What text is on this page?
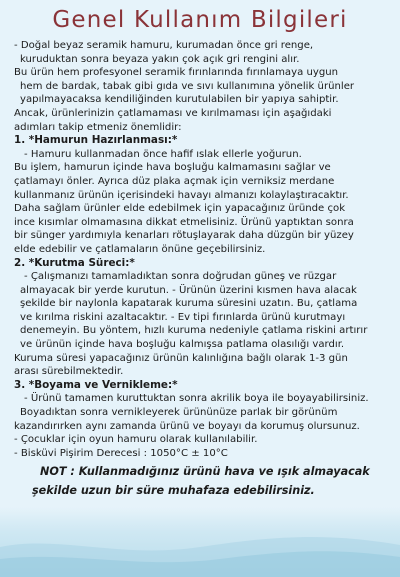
Genel Kullanım Bilgileri
- Doğal beyaz seramik hamuru, kurumadan önce gri renge,
kuruduktan sonra beyaza yakın çok açık gri rengini alır.
Bu ürün hem profesyonel seramik fırınlarında fırınlamaya uygun
hem de bardak, tabak gibi gıda ve sıvı kullanımına yönelik ürünler
yapılmayacaksa kendiliğinden kurutulabilen bir yapıya sahiptir.
Ancak, ürünlerinizin çatlamaması ve kırılmaması için aşağıdaki
adımları takip etmeniz önemlidir:
1. *Hamurun Hazırlanması:*
- Hamuru kullanmadan önce hafif ıslak ellerle yoğurun.
Bu işlem, hamurun içinde hava boşluğu kalmamasını sağlar ve
çatlamayı önler. Ayrıca düz plaka açmak için verniksiz merdane
kullanmanız ürünün içerisindeki havayı almanızı kolaylaştıracaktır.
Daha sağlam ürünler elde edebilmek için yapacağınız üründe çok
ince kısımlar olmamasına dikkat etmelisiniz. Ürünü yaptıktan sonra
bir sünger yardımıyla kenarları rötuşlayarak daha düzgün bir yüzey
elde edebilir ve çatlamaların önüne geçebilirsiniz.
2. *Kurutma Süreci:*
- Çalışmanızı tamamladıktan sonra doğrudan güneş ve rüzgar
almayacak bir yerde kurutun. - Ürünün üzerini kısmen hava alacak
şekilde bir naylonla kapatarak kuruma süresini uzatın. Bu, çatlama
ve kırılma riskini azaltacaktır. - Ev tipi fırınlarda ürünü kurutmayı
denemeyin. Bu yöntem, hızlı kuruma nedeniyle çatlama riskini artırır
ve ürünün içinde hava boşluğu kalmışsa patlama olasılığı vardır.
Kuruma süresi yapacağınız ürünün kalınlığına bağlı olarak 1-3 gün
arası sürebilmektedir.
3. *Boyama ve Vernikleme:*
- Ürünü tamamen kuruttuktan sonra akrilik boya ile boyayabilirsiniz.
Boyadıktan sonra vernikleyerek ürününüze parlak bir görünüm
kazandırırken aynı zamanda ürünü ve boyayı da korumuş olursunuz.
- Çocuklar için oyun hamuru olarak kullanılabilir.
- Bisküvi Pişirim Derecesi : 1050°C ± 10°C
NOT : Kullanmadığınız ürünü hava ve ışık almayacak
şekilde uzun bir süre muhafaza edebilirsiniz.
